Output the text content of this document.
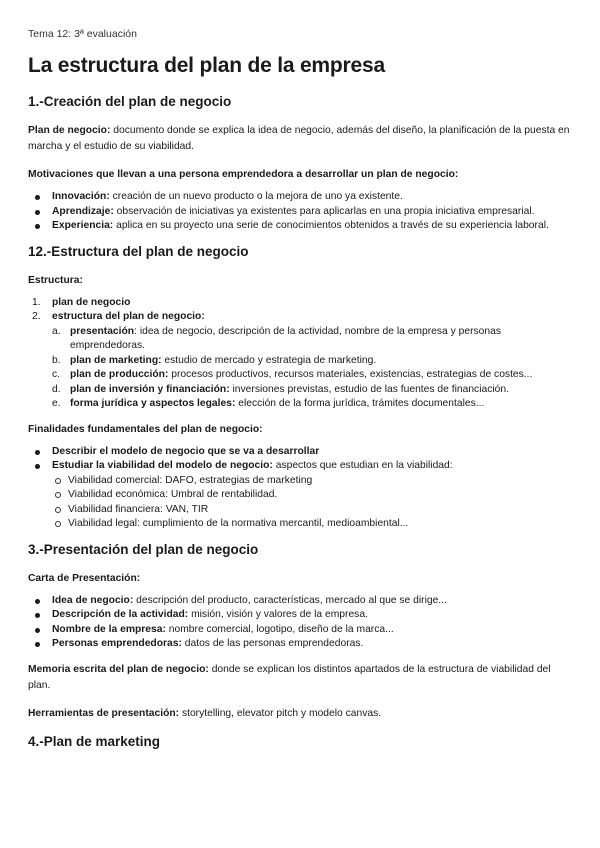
Tema 12: 3ª evaluación
La estructura del plan de la empresa
1.-Creación del plan de negocio

Plan de negocio: documento donde se explica la idea de negocio, además del diseño, la planificación de la puesta en marcha y el estudio de su viabilidad.

Motivaciones que llevan a una persona emprendedora a desarrollar un plan de negocio:

Innovación: creación de un nuevo producto o la mejora de uno ya existente.
Aprendizaje: observación de iniciativas ya existentes para aplicarlas en una propia iniciativa empresarial.
Experiencia: aplica en su proyecto una serie de conocimientos obtenidos a través de su experiencia laboral.
12.-Estructura del plan de negocio

Estructura:

1. plan de negocio
2. estructura del plan de negocio:
a. presentación: idea de negocio, descripción de la actividad, nombre de la empresa y personas emprendedoras.
b. plan de marketing: estudio de mercado y estrategia de marketing.
c. plan de producción: procesos productivos, recursos materiales, existencias, estrategias de costes...
d. plan de inversión y financiación: inversiones previstas, estudio de las fuentes de financiación.
e. forma jurídica y aspectos legales: elección de la forma jurídica, trámites documentales...

Finalidades fundamentales del plan de negocio:

Describir el modelo de negocio que se va a desarrollar
Estudiar la viabilidad del modelo de negocio: aspectos que estudian en la viabilidad:
Viabilidad comercial: DAFO, estrategias de marketing
Viabilidad económica: Umbral de rentabilidad.
Viabilidad financiera: VAN, TIR
Viabilidad legal: cumplimiento de la normativa mercantil, medioambiental...
3.-Presentación del plan de negocio

Carta de Presentación:

Idea de negocio: descripción del producto, características, mercado al que se dirige...
Descripción de la actividad: misión, visión y valores de la empresa.
Nombre de la empresa: nombre comercial, logotipo, diseño de la marca...
Personas emprendedoras: datos de las personas emprendedoras.

Memoria escrita del plan de negocio: donde se explican los distintos apartados de la estructura de viabilidad del plan.

Herramientas de presentación: storytelling, elevator pitch y modelo canvas.

4.-Plan de marketing
